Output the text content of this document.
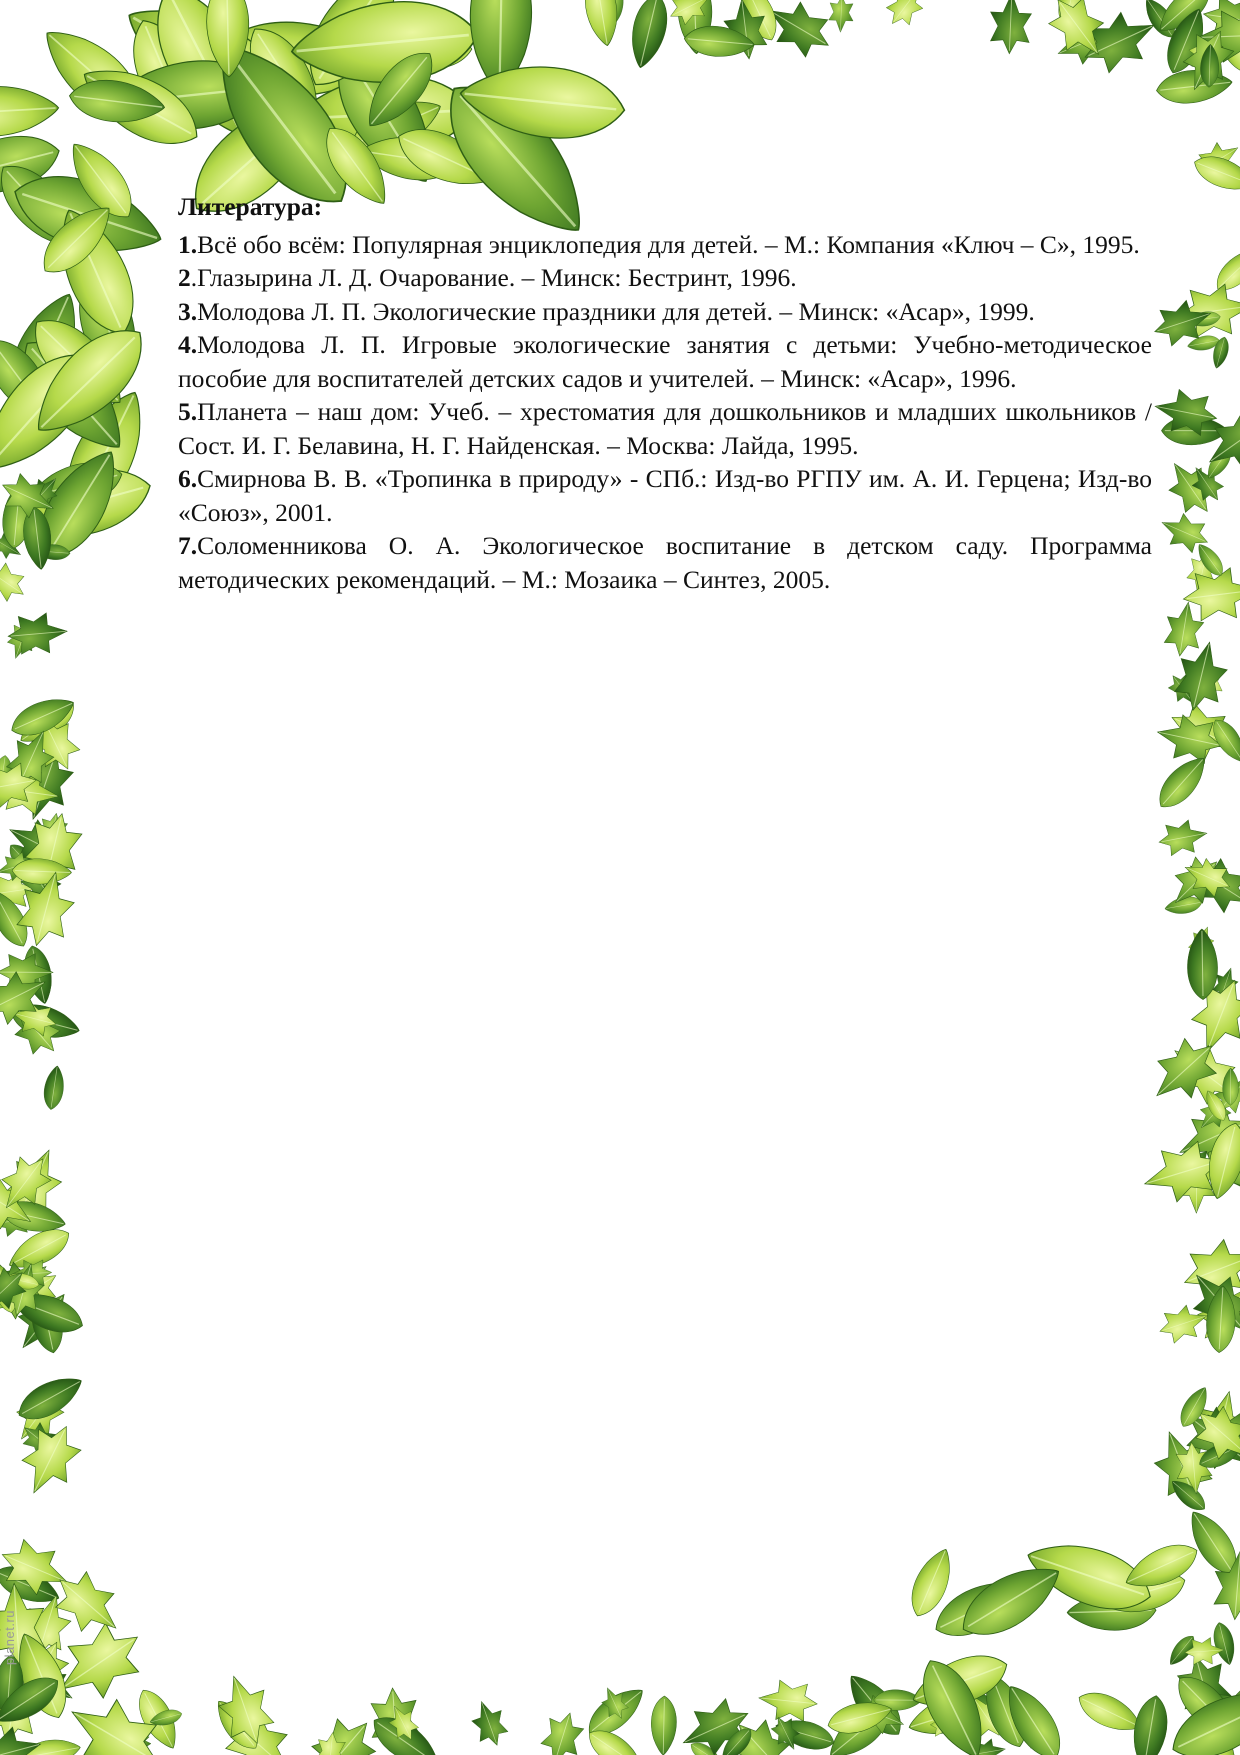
Литература:

1.Всё обо всём: Популярная энциклопедия для детей. – М.: Компания «Ключ – С», 1995.

2.Глазырина Л. Д. Очарование. – Минск: Бестринт, 1996.

3.Молодова Л. П. Экологические праздники для детей. – Минск: «Асар», 1999.

4.Молодова Л. П. Игровые экологические занятия с детьми: Учебно-методическое пособие для воспитателей детских садов и учителей. – Минск: «Асар», 1996.

5.Планета – наш дом: Учеб. – хрестоматия для дошкольников и младших школьников /Сост. И. Г. Белавина, Н. Г. Найденская. – Москва: Лайда, 1995.

6.Смирнова В. В. «Тропинка в природу» - СПб.: Изд-во РГПУ им. А. И. Герцена; Изд-во «Союз», 2001.

7.Соломенникова О. А. Экологическое воспитание в детском саду. Программа методических рекомендаций. – М.: Мозаика – Синтез, 2005.

planet.ru
